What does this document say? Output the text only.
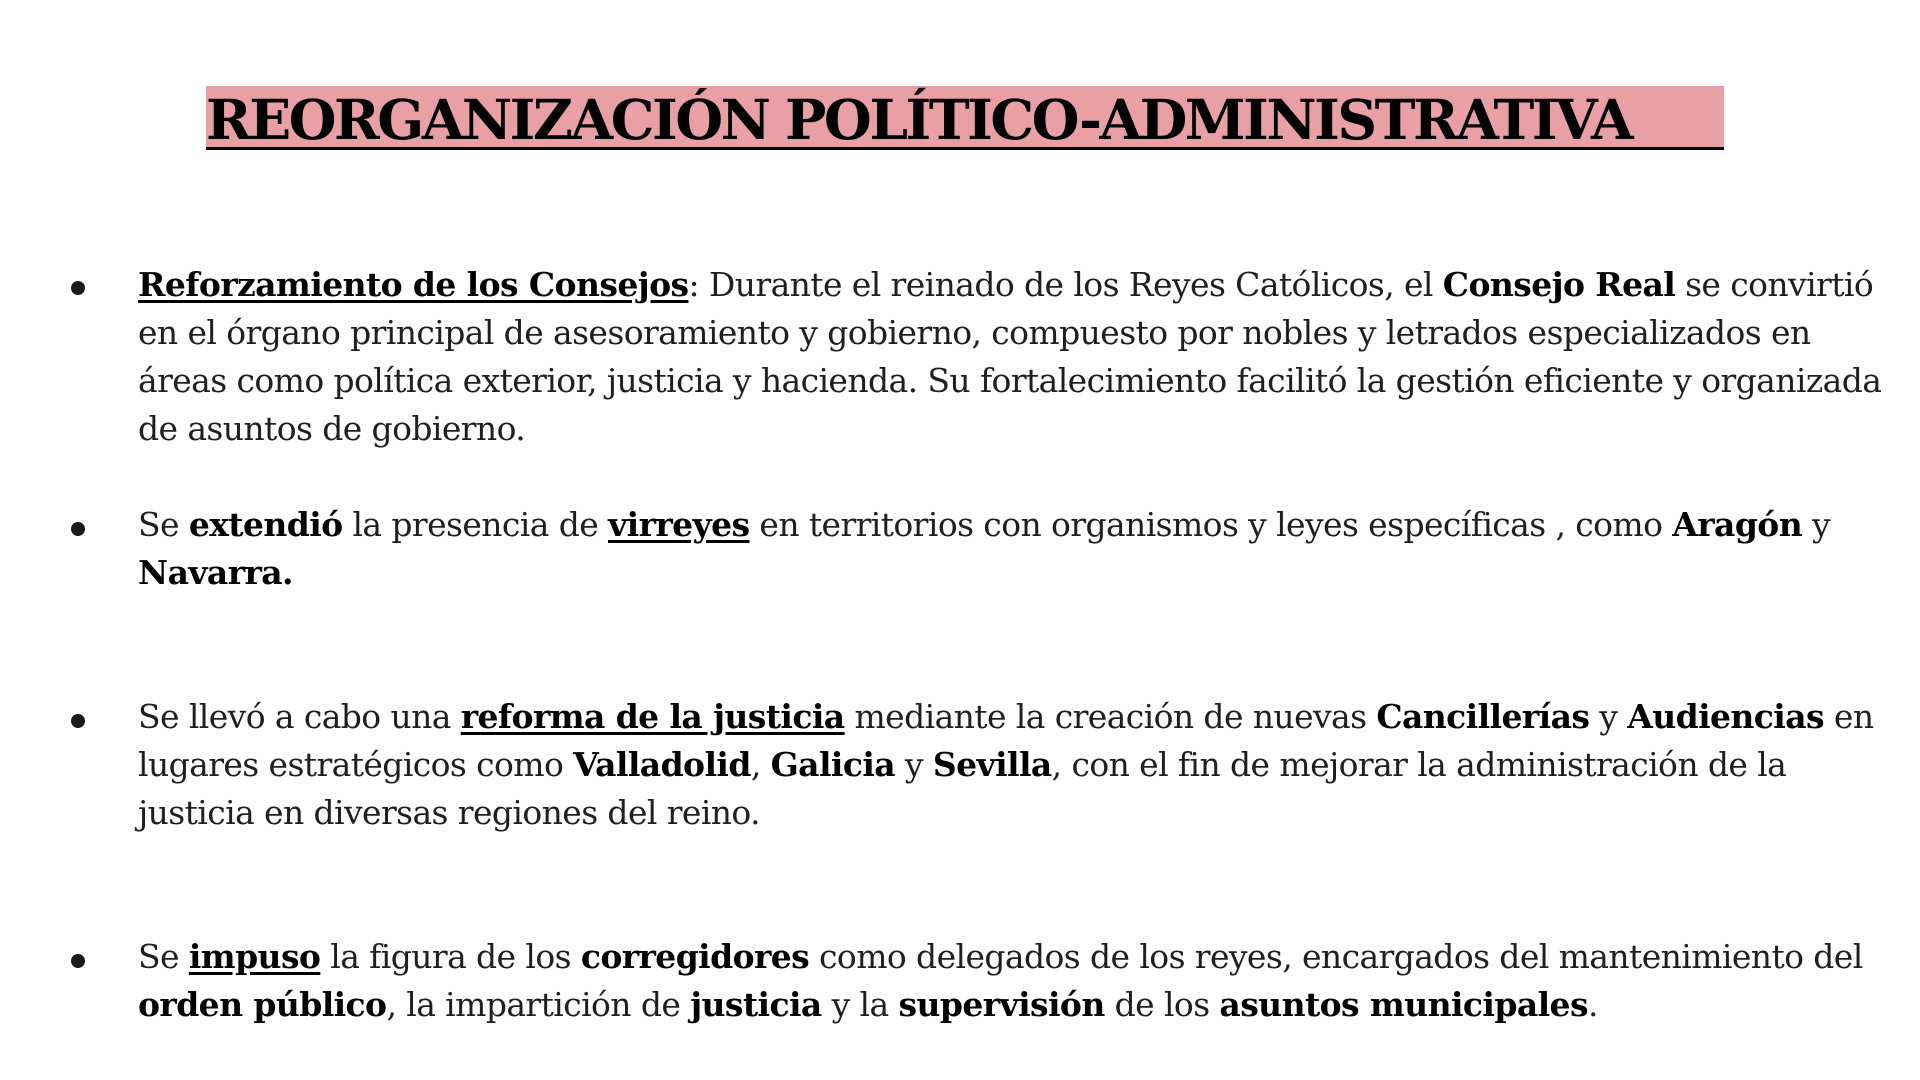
REORGANIZACIÓN POLÍTICO-ADMINISTRATIVA
Reforzamiento de los Consejos: Durante el reinado de los Reyes Católicos, el Consejo Real se convirtió en el órgano principal de asesoramiento y gobierno, compuesto por nobles y letrados especializados en áreas como política exterior, justicia y hacienda. Su fortalecimiento facilitó la gestión eficiente y organizada de asuntos de gobierno.
Se extendió la presencia de virreyes en territorios con organismos y leyes específicas , como Aragón y Navarra.
Se llevó a cabo una reforma de la justicia mediante la creación de nuevas Cancillerías y Audiencias en lugares estratégicos como Valladolid, Galicia y Sevilla, con el fin de mejorar la administración de la justicia en diversas regiones del reino.
Se impuso la figura de los corregidores como delegados de los reyes, encargados del mantenimiento del orden público, la impartición de justicia y la supervisión de los asuntos municipales.
